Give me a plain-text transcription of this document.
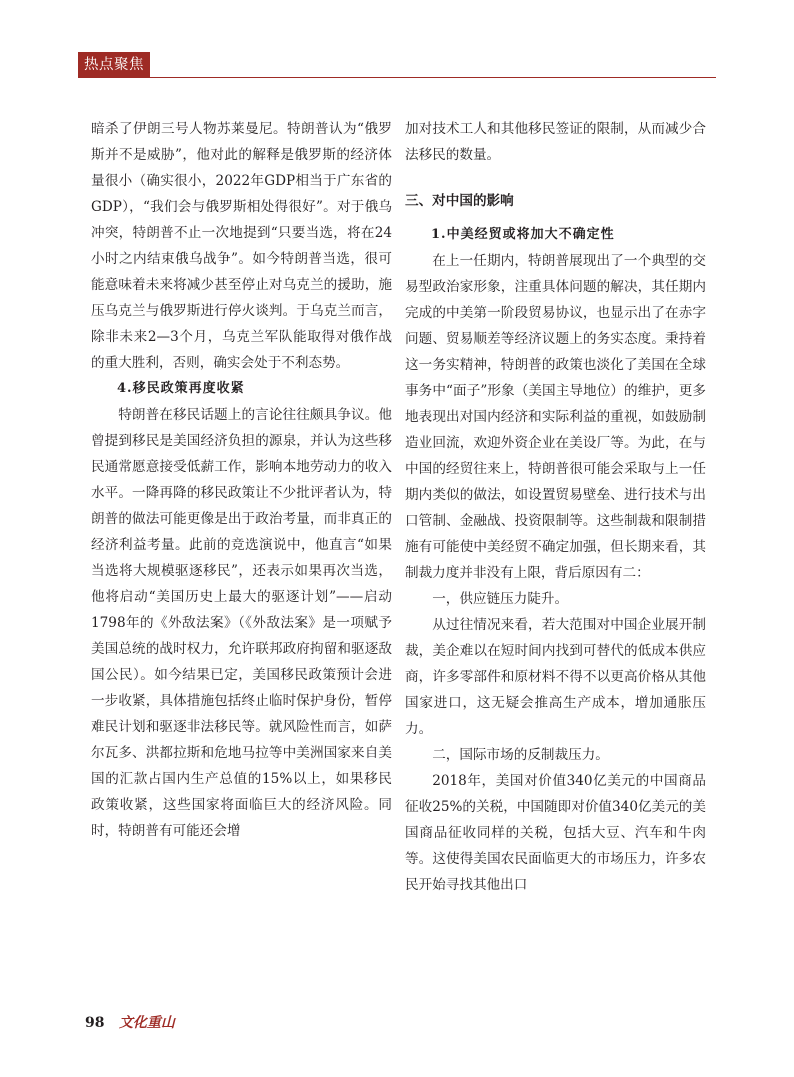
热点聚焦

暗杀了伊朗三号人物苏莱曼尼。特朗普认为“俄罗斯并不是威胁”，他对此的解释是俄罗斯的经济体量很小（确实很小，2022年GDP相当于广东省的GDP），“我们会与俄罗斯相处得很好”。对于俄乌冲突，特朗普不止一次地提到“只要当选，将在24小时之内结束俄乌战争”。如今特朗普当选，很可能意味着未来将减少甚至停止对乌克兰的援助，施压乌克兰与俄罗斯进行停火谈判。于乌克兰而言，除非未来2—3个月，乌克兰军队能取得对俄作战的重大胜利，否则，确实会处于不利态势。

4.移民政策再度收紧

特朗普在移民话题上的言论往往颇具争议。他曾提到移民是美国经济负担的源泉，并认为这些移民通常愿意接受低薪工作，影响本地劳动力的收入水平。一降再降的移民政策让不少批评者认为，特朗普的做法可能更像是出于政治考量，而非真正的经济利益考量。此前的竞选演说中，他直言“如果当选将大规模驱逐移民”，还表示如果再次当选，他将启动“美国历史上最大的驱逐计划”——启动1798年的《外敌法案》（《外敌法案》是一项赋予美国总统的战时权力，允许联邦政府拘留和驱逐敌国公民）。如今结果已定，美国移民政策预计会进一步收紧，具体措施包括终止临时保护身份，暂停难民计划和驱逐非法移民等。就风险性而言，如萨尔瓦多、洪都拉斯和危地马拉等中美洲国家来自美国的汇款占国内生产总值的15%以上，如果移民政策收紧，这些国家将面临巨大的经济风险。同时，特朗普有可能还会增

加对技术工人和其他移民签证的限制，从而减少合法移民的数量。

三、对中国的影响

1.中美经贸或将加大不确定性

在上一任期内，特朗普展现出了一个典型的交易型政治家形象，注重具体问题的解决，其任期内完成的中美第一阶段贸易协议，也显示出了在赤字问题、贸易顺差等经济议题上的务实态度。秉持着这一务实精神，特朗普的政策也淡化了美国在全球事务中“面子”形象（美国主导地位）的维护，更多地表现出对国内经济和实际利益的重视，如鼓励制造业回流，欢迎外资企业在美设厂等。为此，在与中国的经贸往来上，特朗普很可能会采取与上一任期内类似的做法，如设置贸易壁垒、进行技术与出口管制、金融战、投资限制等。这些制裁和限制措施有可能使中美经贸不确定加强，但长期来看，其制裁力度并非没有上限，背后原因有二：

一，供应链压力陡升。

从过往情况来看，若大范围对中国企业展开制裁，美企难以在短时间内找到可替代的低成本供应商，许多零部件和原材料不得不以更高价格从其他国家进口，这无疑会推高生产成本，增加通胀压力。

二，国际市场的反制裁压力。

2018年，美国对价值340亿美元的中国商品征收25%的关税，中国随即对价值340亿美元的美国商品征收同样的关税，包括大豆、汽车和牛肉等。这使得美国农民面临更大的市场压力，许多农民开始寻找其他出口

98 文化重山
